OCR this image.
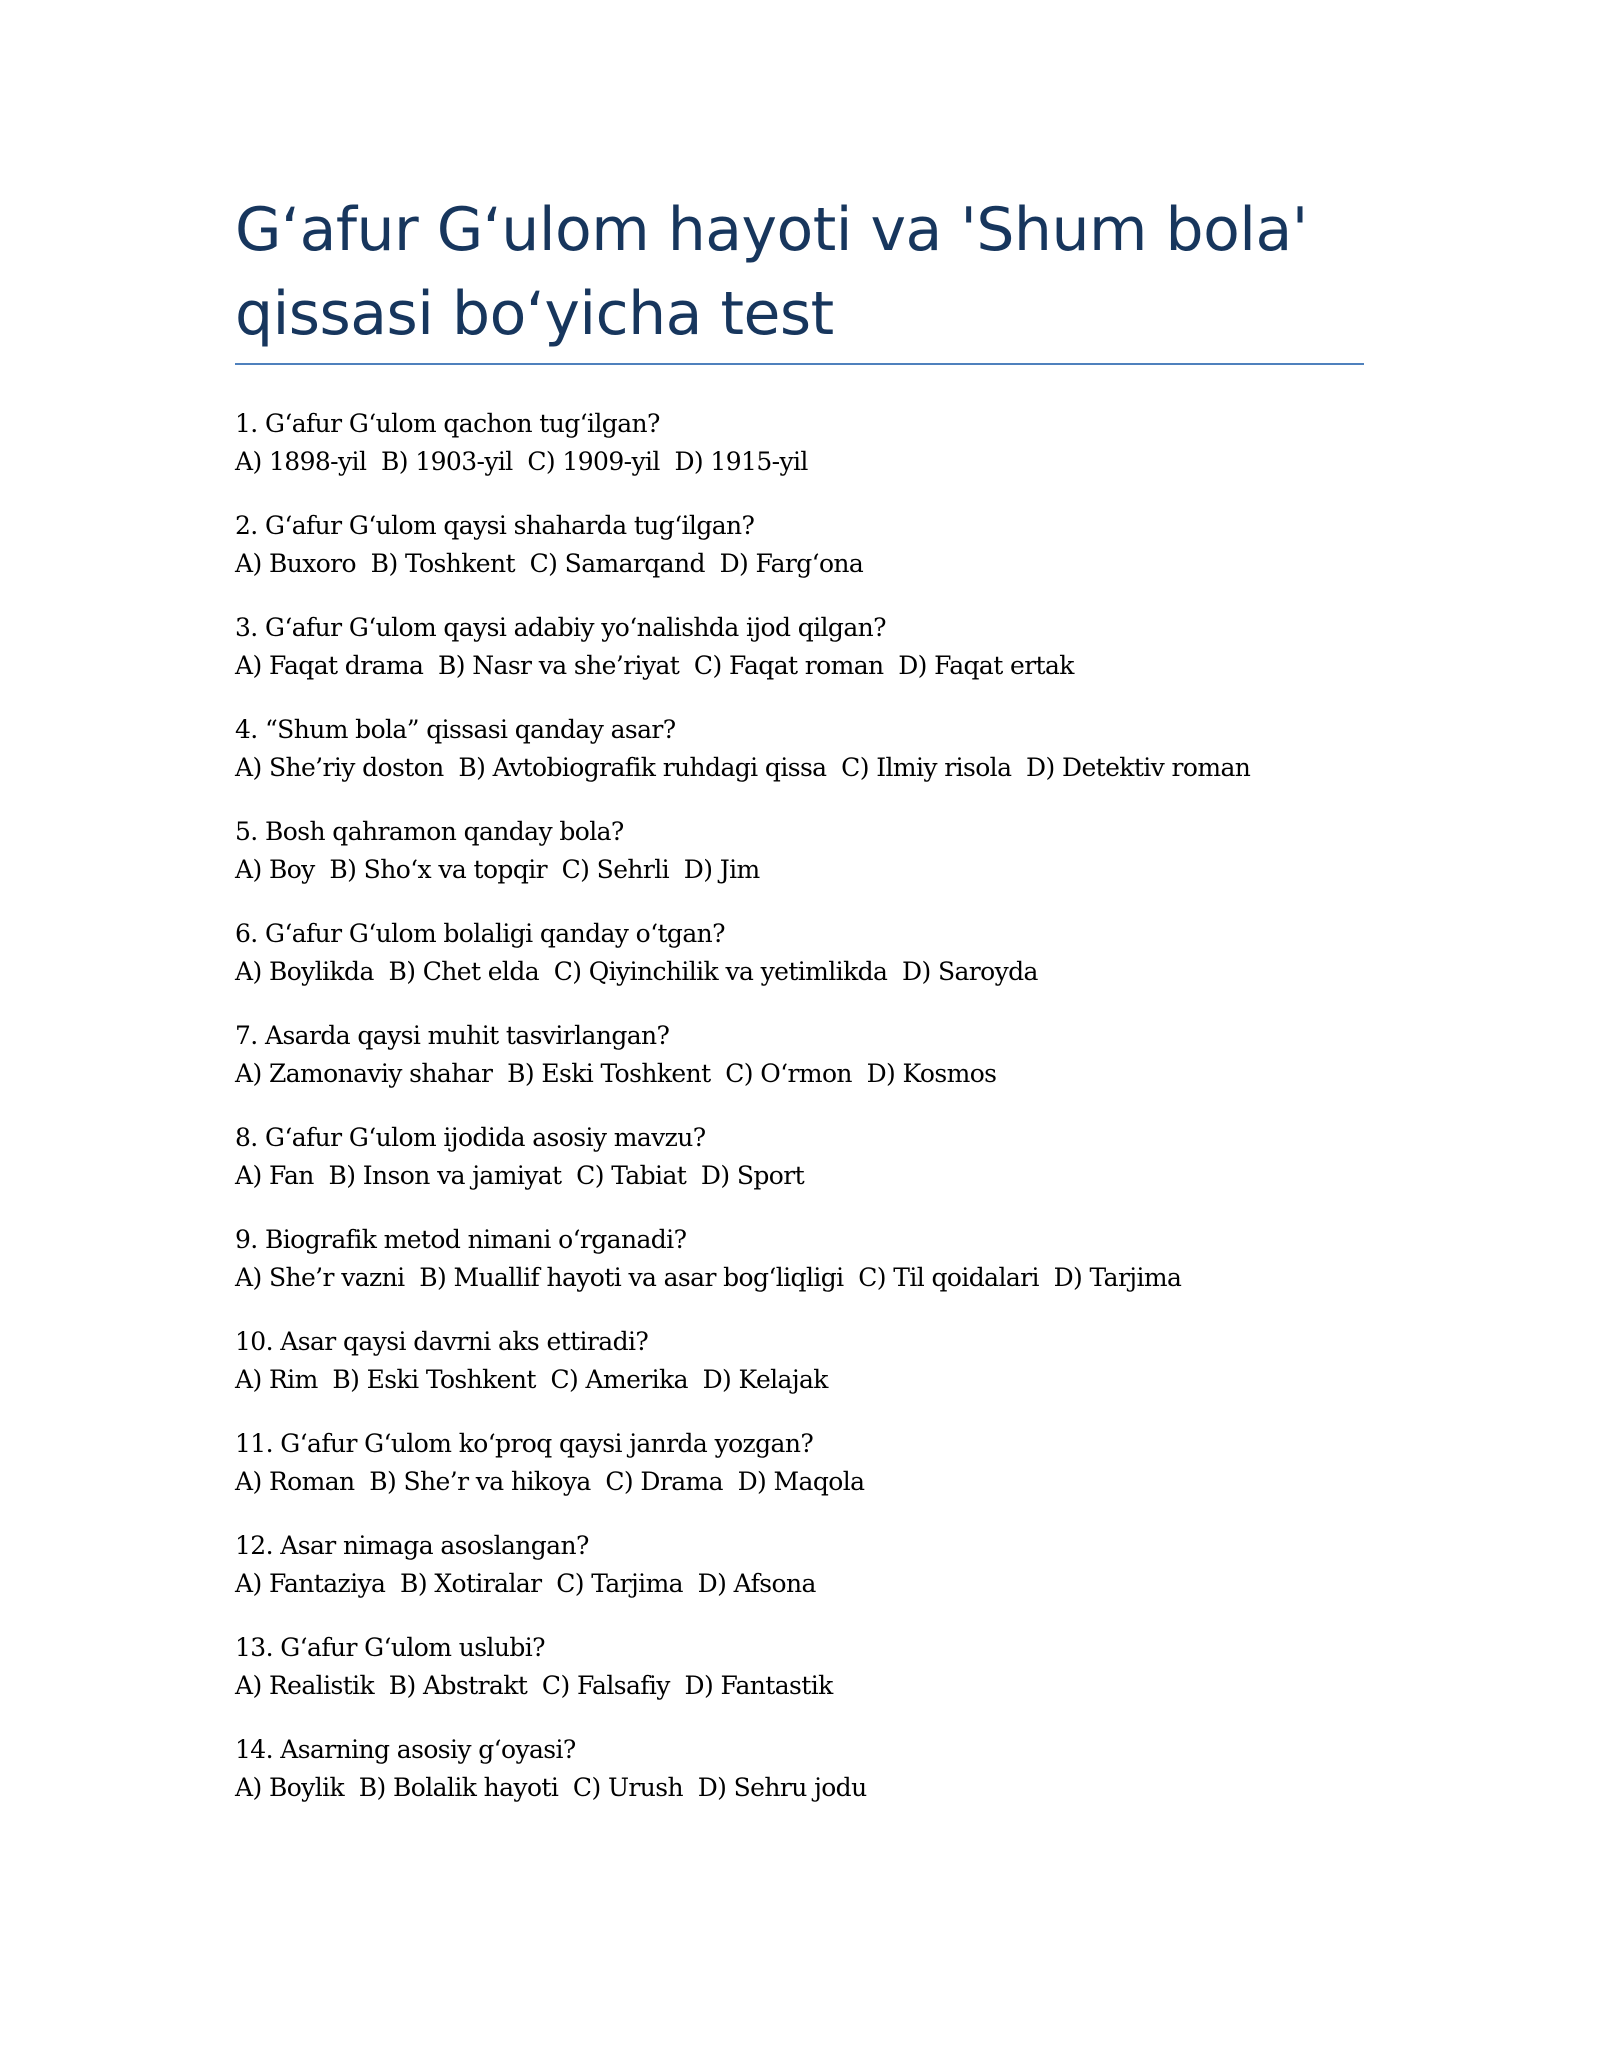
G‘afur G‘ulom hayoti va 'Shum bola' qissasi bo‘yicha test
1. G‘afur G‘ulom qachon tug‘ilgan?
A) 1898-yil  B) 1903-yil  C) 1909-yil  D) 1915-yil
2. G‘afur G‘ulom qaysi shaharda tug‘ilgan?
A) Buxoro  B) Toshkent  C) Samarqand  D) Farg‘ona
3. G‘afur G‘ulom qaysi adabiy yo‘nalishda ijod qilgan?
A) Faqat drama  B) Nasr va she’riyat  C) Faqat roman  D) Faqat ertak
4. “Shum bola” qissasi qanday asar?
A) She’riy doston  B) Avtobiografik ruhdagi qissa  C) Ilmiy risola  D) Detektiv roman
5. Bosh qahramon qanday bola?
A) Boy  B) Sho‘x va topqir  C) Sehrli  D) Jim
6. G‘afur G‘ulom bolaligi qanday o‘tgan?
A) Boylikda  B) Chet elda  C) Qiyinchilik va yetimlikda  D) Saroyda
7. Asarda qaysi muhit tasvirlangan?
A) Zamonaviy shahar  B) Eski Toshkent  C) O‘rmon  D) Kosmos
8. G‘afur G‘ulom ijodida asosiy mavzu?
A) Fan  B) Inson va jamiyat  C) Tabiat  D) Sport
9. Biografik metod nimani o‘rganadi?
A) She’r vazni  B) Muallif hayoti va asar bog‘liqligi  C) Til qoidalari  D) Tarjima
10. Asar qaysi davrni aks ettiradi?
A) Rim  B) Eski Toshkent  C) Amerika  D) Kelajak
11. G‘afur G‘ulom ko‘proq qaysi janrda yozgan?
A) Roman  B) She’r va hikoya  C) Drama  D) Maqola
12. Asar nimaga asoslangan?
A) Fantaziya  B) Xotiralar  C) Tarjima  D) Afsona
13. G‘afur G‘ulom uslubi?
A) Realistik  B) Abstrakt  C) Falsafiy  D) Fantastik
14. Asarning asosiy g‘oyasi?
A) Boylik  B) Bolalik hayoti  C) Urush  D) Sehru jodu
